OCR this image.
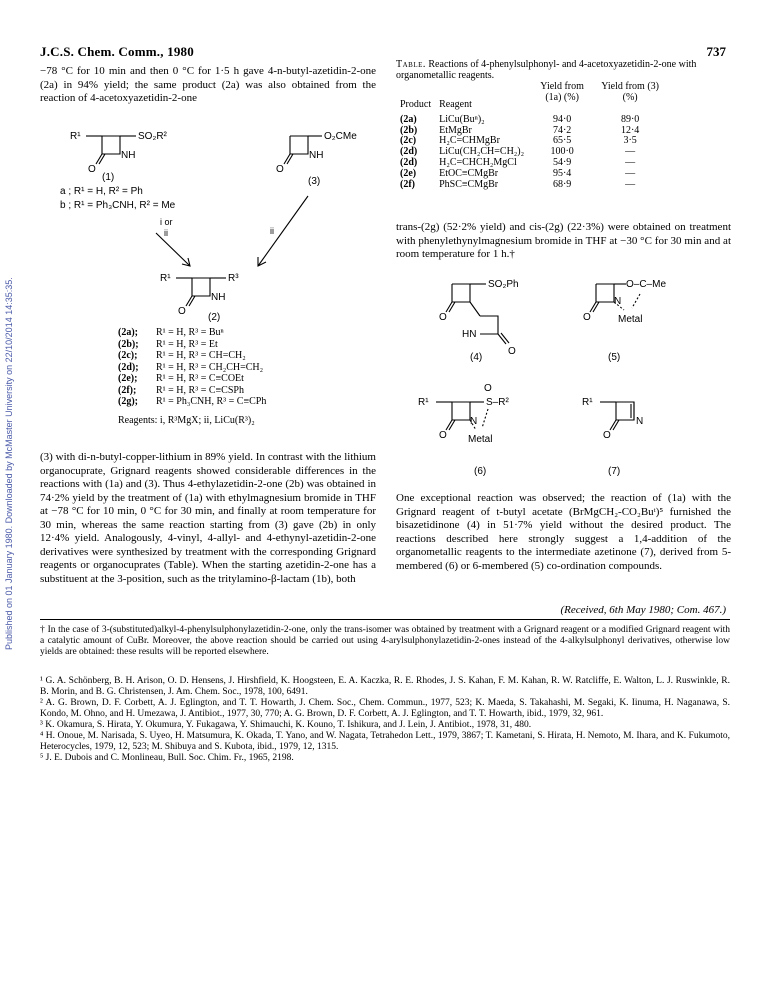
Published on 01 January 1980. Downloaded by McMaster University on 22/10/2014 14:35:35.
J.C.S. Chem. Comm., 1980	737

−78 °C for 10 min and then 0 °C for 1·5 h gave 4-n-butyl-azetidin-2-one (2a) in 94% yield; the same product (2a) was also obtained from the reaction of 4-acetoxyazetidin-2-one

R¹	SO₂R²
NH
O
(1)
a ; R¹ = H, R² = Ph
b ; R¹ = Ph₃CNH, R² = Me
i or
ii
O₂CMe
NH
O
(3)
ii
R¹	R³
NH
O
(2)
(2a); R¹ = H, R³ = Buⁿ
(2b); R¹ = H, R³ = Et
(2c); R¹ = H, R³ = CH=CH₂
(2d); R¹ = H, R³ = CH₂CH=CH₂
(2e); R¹ = H, R³ = C≡COEt
(2f); R¹ = H, R³ = C≡CSPh
(2g); R¹ = Ph₃CNH, R³ = C≡CPh
Reagents: i, R³MgX; ii, LiCu(R³)₂

(3) with di-n-butyl-copper-lithium in 89% yield. In contrast with the lithium organocuprate, Grignard reagents showed considerable differences in the reactions with (1a) and (3). Thus 4-ethylazetidin-2-one (2b) was obtained in 74·2% yield by the treatment of (1a) with ethylmagnesium bromide in THF at −78 °C for 10 min, 0 °C for 30 min, and finally at room temperature for 30 min, whereas the same reaction starting from (3) gave (2b) in only 12·4% yield. Analogously, 4-vinyl, 4-allyl- and 4-ethynyl-azetidin-2-one derivatives were synthesized by treatment with the corresponding Grignard reagents or organocuprates (Table). When the starting azetidin-2-one has a substituent at the 3-position, such as the tritylamino-β-lactam (1b), both

Table. Reactions of 4-phenylsulphonyl- and 4-acetoxyazetidin-2-one with organometallic reagents.
Product	Reagent	Yield from (1a) (%)	Yield from (3) (%)
(2a)	LiCu(Buⁿ)₂	94·0	89·0
(2b)	EtMgBr	74·2	12·4
(2c)	H₂C=CHMgBr	65·5	3·5
(2d)	LiCu(CH₂CH=CH₂)₂	100·0	—
(2d)	H₂C=CHCH₂MgCl	54·9	—
(2e)	EtOC≡CMgBr	95·4	—
(2f)	PhSC≡CMgBr	68·9	—

trans-(2g) (52·2% yield) and cis-(2g) (22·3%) were obtained on treatment with phenylethynylmagnesium bromide in THF at −30 °C for 30 min and at room temperature for 1 h.†

SO₂Ph
O
HN
O
(4)
O–C–Me
N
O	Metal
(5)
R¹	S–R²
O
N
O Metal
(6)
R¹
N
O
(7)

One exceptional reaction was observed; the reaction of (1a) with the Grignard reagent of t-butyl acetate (BrMgCH₂-CO₂Buᵗ)⁵ furnished the bisazetidinone (4) in 51·7% yield without the desired product. The reactions described here strongly suggest a 1,4-addition of the organometallic reagents to the intermediate azetinone (7), derived from 5-membered (6) or 6-membered (5) co-ordination compounds.

(Received, 6th May 1980; Com. 467.)

† In the case of 3-(substituted)alkyl-4-phenylsulphonylazetidin-2-one, only the trans-isomer was obtained by treatment with a Grignard reagent or a modified Grignard reagent with a catalytic amount of CuBr. Moreover, the above reaction should be carried out using 4-arylsulphonylazetidin-2-ones instead of the 4-alkylsulphonyl derivatives, otherwise low yields are obtained: these results will be reported elsewhere.

¹ G. A. Schönberg, B. H. Arison, O. D. Hensens, J. Hirshfield, K. Hoogsteen, E. A. Kaczka, R. E. Rhodes, J. S. Kahan, F. M. Kahan, R. W. Ratcliffe, E. Walton, L. J. Ruswinkle, R. B. Morin, and B. G. Christensen, J. Am. Chem. Soc., 1978, 100, 6491.

² A. G. Brown, D. F. Corbett, A. J. Eglington, and T. T. Howarth, J. Chem. Soc., Chem. Commun., 1977, 523; K. Maeda, S. Takahashi, M. Segaki, K. Iinuma, H. Naganawa, S. Kondo, M. Ohno, and H. Umezawa, J. Antibiot., 1977, 30, 770; A. G. Brown, D. F. Corbett, A. J. Eglington, and T. T. Howarth, ibid., 1979, 32, 961.

³ K. Okamura, S. Hirata, Y. Okumura, Y. Fukagawa, Y. Shimauchi, K. Kouno, T. Ishikura, and J. Lein, J. Antibiot., 1978, 31, 480.

⁴ H. Onoue, M. Narisada, S. Uyeo, H. Matsumura, K. Okada, T. Yano, and W. Nagata, Tetrahedon Lett., 1979, 3867; T. Kametani, S. Hirata, H. Nemoto, M. Ihara, and K. Fukumoto, Heterocycles, 1979, 12, 523; M. Shibuya and S. Kubota, ibid., 1979, 12, 1315.

⁵ J. E. Dubois and C. Monlineau, Bull. Soc. Chim. Fr., 1965, 2198.
